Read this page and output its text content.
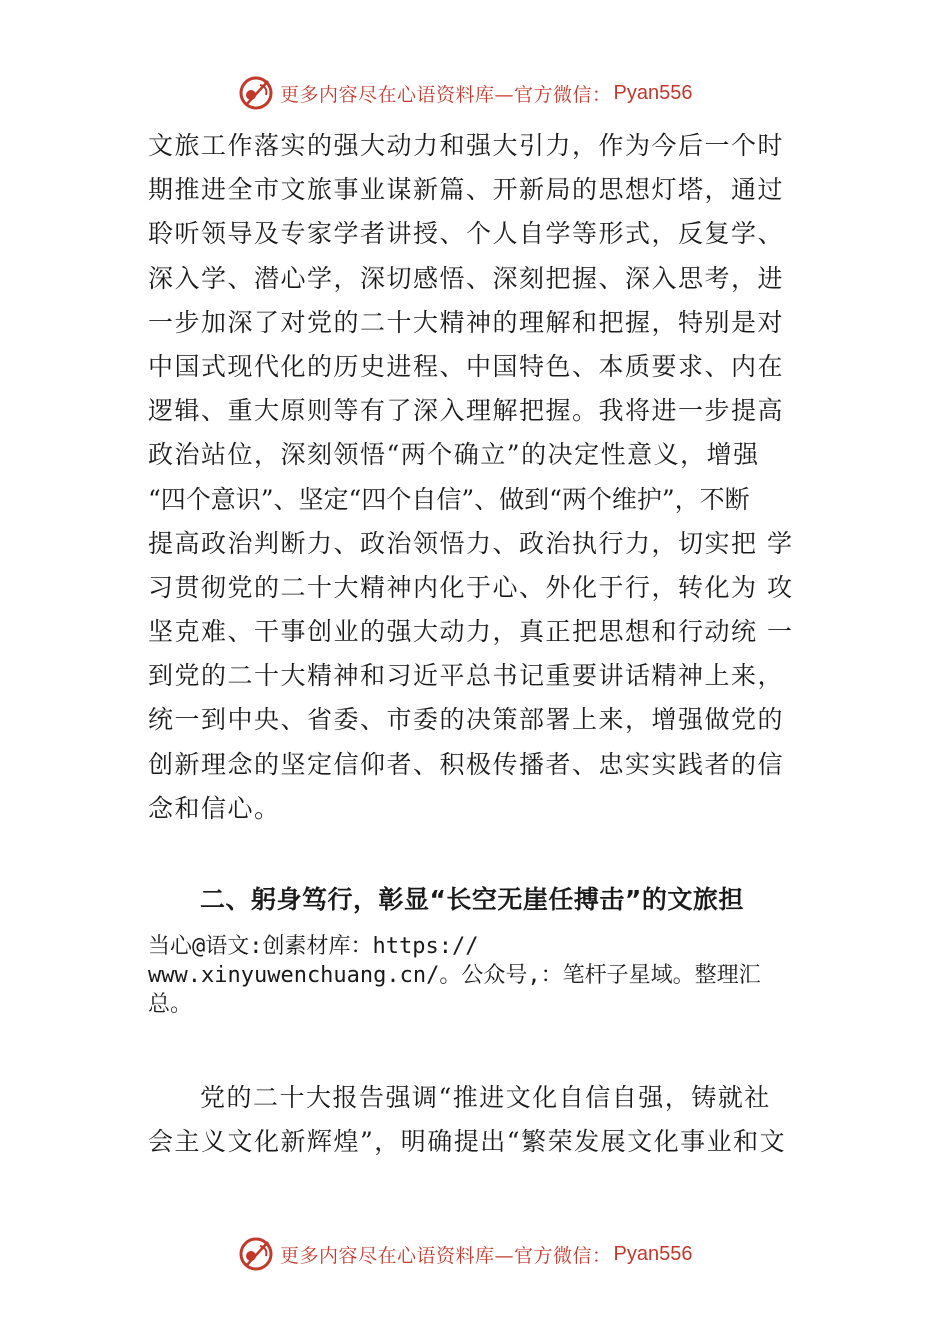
更多内容尽在心语资料库—官方微信： Pyan556
文旅工作落实的强大动力和强大引力，作为今后一个时
期推进全市文旅事业谋新篇、开新局的思想灯塔，通过
聆听领导及专家学者讲授、个人自学等形式，反复学、
深入学、潜心学，深切感悟、深刻把握、深入思考，进
一步加深了对党的二十大精神的理解和把握，特别是对
中国式现代化的历史进程、中国特色、本质要求、内在
逻辑、重大原则等有了深入理解把握。我将进一步提高
政治站位，深刻领悟“两个确立”的决定性意义，增强
“四个意识”、坚定“四个自信”、做到“两个维护”，不断
提高政治判断力、政治领悟力、政治执行力，切实把 学
习贯彻党的二十大精神内化于心、外化于行，转化为 攻
坚克难、干事创业的强大动力，真正把思想和行动统 一
到党的二十大精神和习近平总书记重要讲话精神上来，
统一到中央、省委、市委的决策部署上来，增强做党的
创新理念的坚定信仰者、积极传播者、忠实实践者的信
念和信心。
二、躬身笃行，彰显“长空无崖任搏击”的文旅担
当心@语文:创素材库：https://
www.xinyuwenchuang.cn/。公众号,：笔杆子星域。整理汇
总。
党的二十大报告强调“推进文化自信自强，铸就社
会主义文化新辉煌”，明确提出“繁荣发展文化事业和文
更多内容尽在心语资料库—官方微信： Pyan556
